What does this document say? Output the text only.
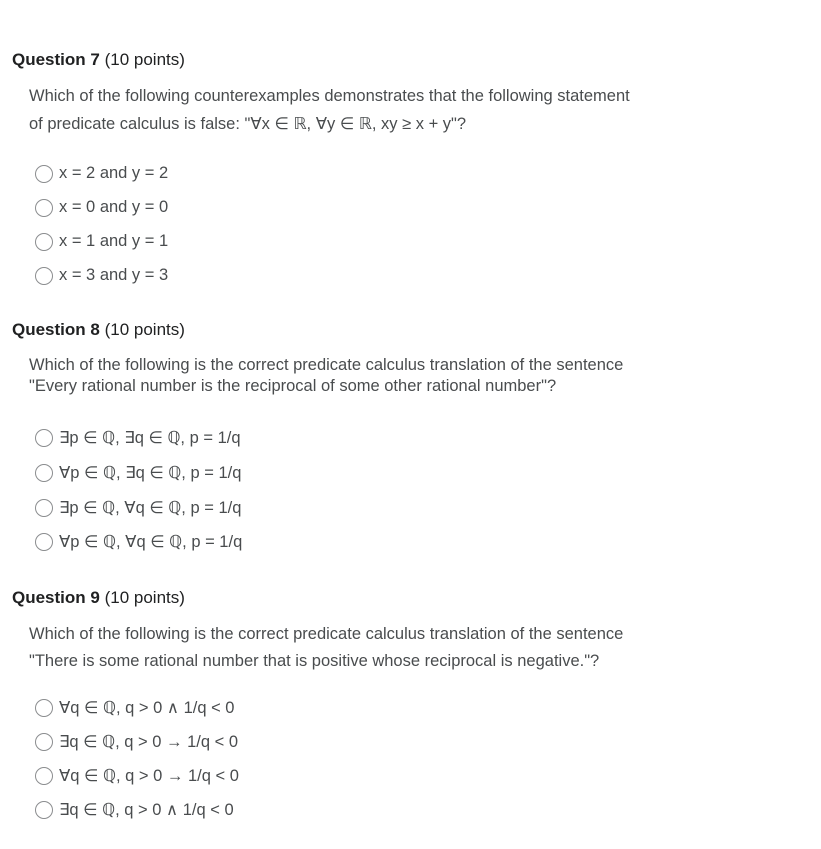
Question 7 (10 points)
Which of the following counterexamples demonstrates that the following statement
of predicate calculus is false: "∀x ∈ ℝ, ∀y ∈ ℝ, xy ≥ x + y"?
x = 2 and y = 2
x = 0 and y = 0
x = 1 and y = 1
x = 3 and y = 3
Question 8 (10 points)
Which of the following is the correct predicate calculus translation of the sentence
"Every rational number is the reciprocal of some other rational number"?
∃p ∈ ℚ, ∃q ∈ ℚ, p = 1/q
∀p ∈ ℚ, ∃q ∈ ℚ, p = 1/q
∃p ∈ ℚ, ∀q ∈ ℚ, p = 1/q
∀p ∈ ℚ, ∀q ∈ ℚ, p = 1/q
Question 9 (10 points)
Which of the following is the correct predicate calculus translation of the sentence
"There is some rational number that is positive whose reciprocal is negative."?
∀q ∈ ℚ, q > 0 ∧ 1/q < 0
∃q ∈ ℚ, q > 0 → 1/q < 0
∀q ∈ ℚ, q > 0 → 1/q < 0
∃q ∈ ℚ, q > 0 ∧ 1/q < 0
